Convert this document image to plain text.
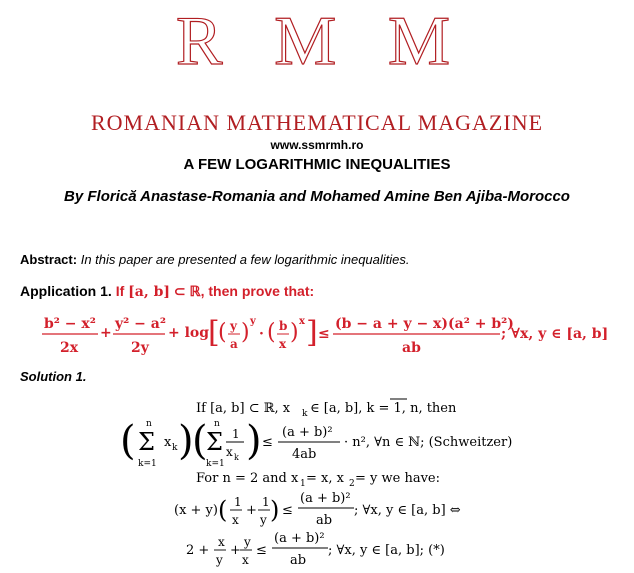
R M M
ROMANIAN MATHEMATICAL MAGAZINE
www.ssmrmh.ro
A FEW LOGARITHMIC INEQUALITIES
By Florică Anastase-Romania and Mohamed Amine Ben Ajiba-Morocco
Abstract: In this paper are presented a few logarithmic inequalities.
Application 1. If [a, b] ⊂ ℝ, then prove that:
b² − x²
2x
+
y² − a²
2y
+ log
[
( y
a ) y
· ( b
x ) x ] ≤
(b − a + y − x)(a² + b²)
ab
; ∀x, y ∈ [a, b]
Solution 1.
If [a, b] ⊂ ℝ, x k ∈ [a, b], k = 1, n, then
( n
Σ x k
k=1 )
( n
Σ 1
x k
k=1 ) ≤
(a + b)²
4ab
· n², ∀n ∈ ℕ; (Schweitzer)
For n = 2 and x 1 = x, x 2 = y we have:
(x + y) ( 1
x
+
1
y ) ≤
(a + b)²
ab
; ∀x, y ∈ [a, b] ⇔
2 +
x
y
+
y
x
≤
(a + b)²
ab
; ∀x, y ∈ [a, b]; (*)
